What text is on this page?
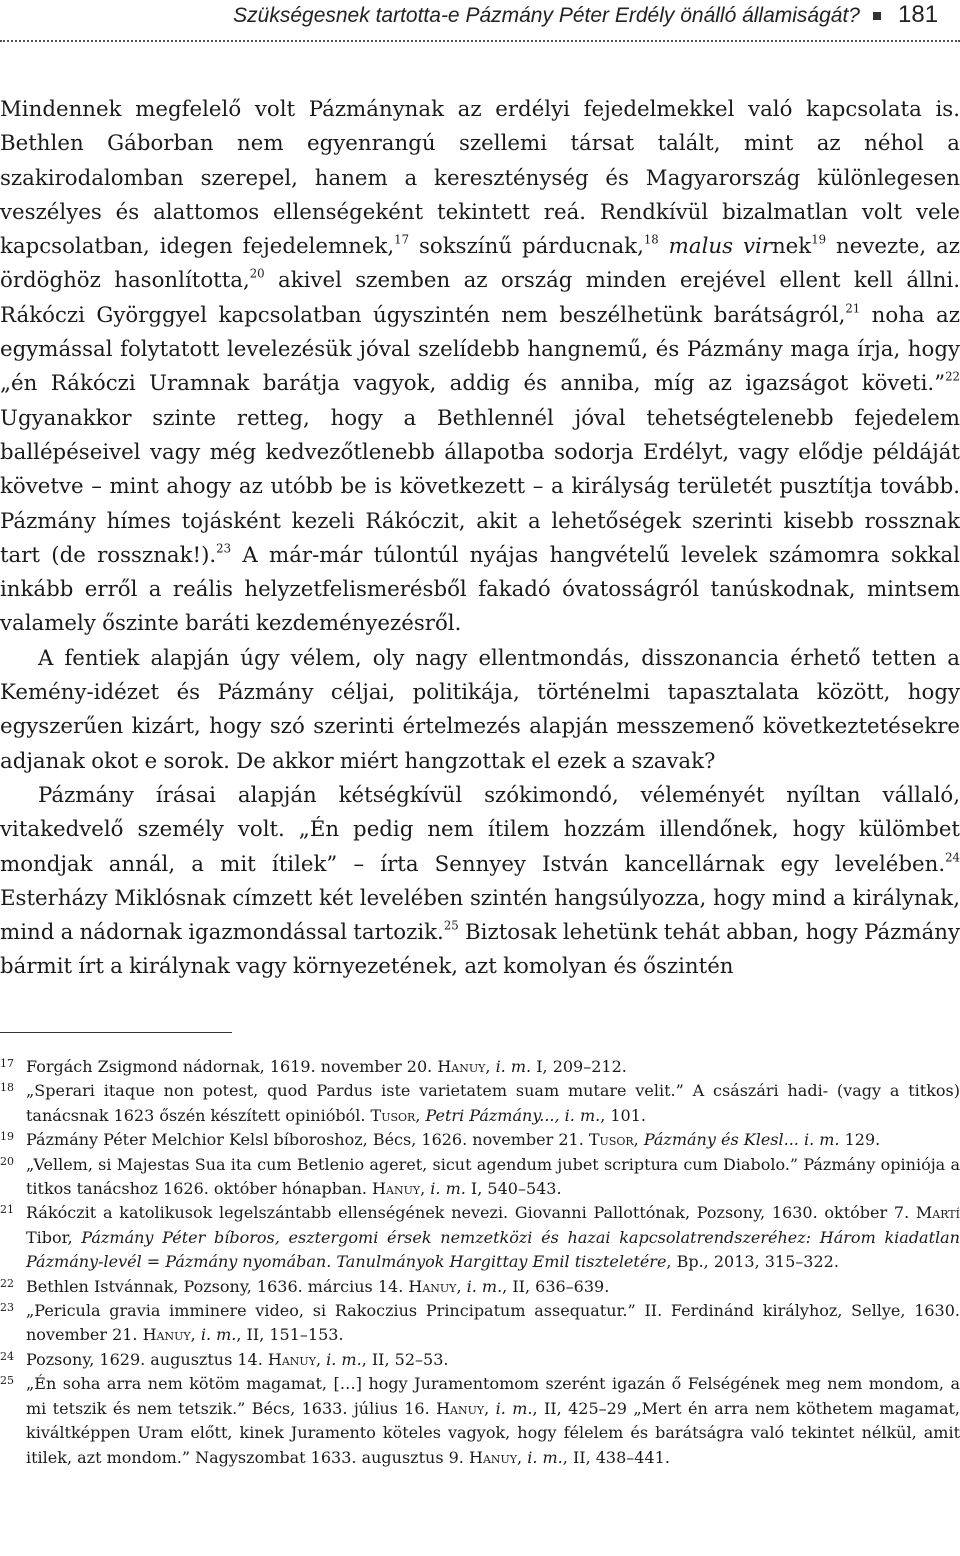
Szükségesnek tartotta-e Pázmány Péter Erdély önálló államiságát? 181

Mindennek megfelelő volt Pázmánynak az erdélyi fejedelmekkel való kapcsolata is. Bethlen Gáborban nem egyenrangú szellemi társat talált, mint az néhol a szakirodalomban szerepel, hanem a kereszténység és Magyarország különlegesen veszélyes és alattomos ellenségeként tekintett reá. Rendkívül bizalmatlan volt vele kapcsolatban, idegen fejedelemnek,$^{17}$ sokszínű párducnak,$^{18}$ malus virnek$^{19}$ nevezte, az ördöghöz hasonlította,$^{20}$ akivel szemben az ország minden erejével ellent kell állni. Rákóczi Györggyel kapcsolatban úgyszintén nem beszélhetünk barátságról,$^{21}$ noha az egymással folytatott levelezésük jóval szelídebb hangnemű, és Pázmány maga írja, hogy „én Rákóczi Uramnak barátja vagyok, addig és anniba, míg az igazságot követi.”$^{22}$ Ugyanakkor szinte retteg, hogy a Bethlennél jóval tehetségtelenebb fejedelem ballépéseivel vagy még kedvezőtlenebb állapotba sodorja Erdélyt, vagy elődje példáját követve – mint ahogy az utóbb be is következett – a királyság területét pusztítja tovább. Pázmány hímes tojásként kezeli Rákóczit, akit a lehetőségek szerinti kisebb rossznak tart (de rossznak!).$^{23}$ A már-már túlontúl nyájas hangvételű levelek számomra sokkal inkább erről a reális helyzetfelismerésből fakadó óvatosságról tanúskodnak, mintsem valamely őszinte baráti kezdeményezésről.

A fentiek alapján úgy vélem, oly nagy ellentmondás, disszonancia érhető tetten a Kemény-idézet és Pázmány céljai, politikája, történelmi tapasztalata között, hogy egyszerűen kizárt, hogy szó szerinti értelmezés alapján messzemenő következtetésekre adjanak okot e sorok. De akkor miért hangzottak el ezek a szavak?

Pázmány írásai alapján kétségkívül szókimondó, véleményét nyíltan vállaló, vitakedvelő személy volt. „Én pedig nem ítilem hozzám illendőnek, hogy külömbet mondjak annál, a mit ítilek” – írta Sennyey István kancellárnak egy levelében.$^{24}$ Esterházy Miklósnak címzett két levelében szintén hangsúlyozza, hogy mind a királynak, mind a nádornak igazmondással tartozik.$^{25}$ Biztosak lehetünk tehát abban, hogy Pázmány bármit írt a királynak vagy környezetének, azt komolyan és őszintén

17 Forgách Zsigmond nádornak, 1619. november 20. Hanuy, i. m. I, 209–212.
18 „Sperari itaque non potest, quod Pardus iste varietatem suam mutare velit.” A császári hadi- (vagy a titkos) tanácsnak 1623 őszén készített opinióból. Tusor, Petri Pázmány..., i. m., 101.
19 Pázmány Péter Melchior Kelsl bíboroshoz, Bécs, 1626. november 21. Tusor, Pázmány és Klesl... i. m. 129.
20 „Vellem, si Majestas Sua ita cum Betlenio ageret, sicut agendum jubet scriptura cum Diabolo.” Pázmány opiniója a titkos tanácshoz 1626. október hónapban. Hanuy, i. m. I, 540–543.
21 Rákóczit a katolikusok legelszántabb ellenségének nevezi. Giovanni Pallottónak, Pozsony, 1630. október 7. Martí Tibor, Pázmány Péter bíboros, esztergomi érsek nemzetközi és hazai kapcsolatrendszeréhez: Három kiadatlan Pázmány-levél = Pázmány nyomában. Tanulmányok Hargittay Emil tiszteletére, Bp., 2013, 315–322.
22 Bethlen Istvánnak, Pozsony, 1636. március 14. Hanuy, i. m., II, 636–639.
23 „Pericula gravia imminere video, si Rakoczius Principatum assequatur.” II. Ferdinánd királyhoz, Sellye, 1630. november 21. Hanuy, i. m., II, 151–153.
24 Pozsony, 1629. augusztus 14. Hanuy, i. m., II, 52–53.
25 „Én soha arra nem kötöm magamat, […] hogy Juramentomom szerént igazán ő Felségének meg nem mondom, a mi tetszik és nem tetszik.” Bécs, 1633. július 16. Hanuy, i. m., II, 425–29 „Mert én arra nem köthetem magamat, kiváltképpen Uram előtt, kinek Juramento köteles vagyok, hogy félelem és barátságra való tekintet nélkül, amit itilek, azt mondom.” Nagyszombat 1633. augusztus 9. Hanuy, i. m., II, 438–441.
